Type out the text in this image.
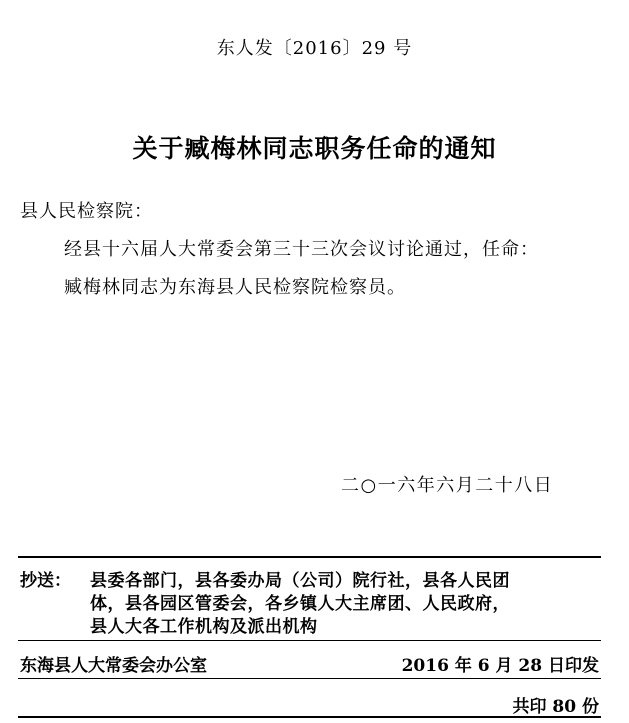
东人发〔2016〕29 号
关于臧梅林同志职务任命的通知
县人民检察院：
经县十六届人大常委会第三十三次会议讨论通过，任命：
臧梅林同志为东海县人民检察院检察员。
二○一六年六月二十八日
抄送： 县委各部门，县各委办局（公司）院行社，县各人民团
体，县各园区管委会，各乡镇人大主席团、人民政府，
县人大各工作机构及派出机构
东海县人大常委会办公室	2016 年 6 月 28 日印发
共印 80 份
